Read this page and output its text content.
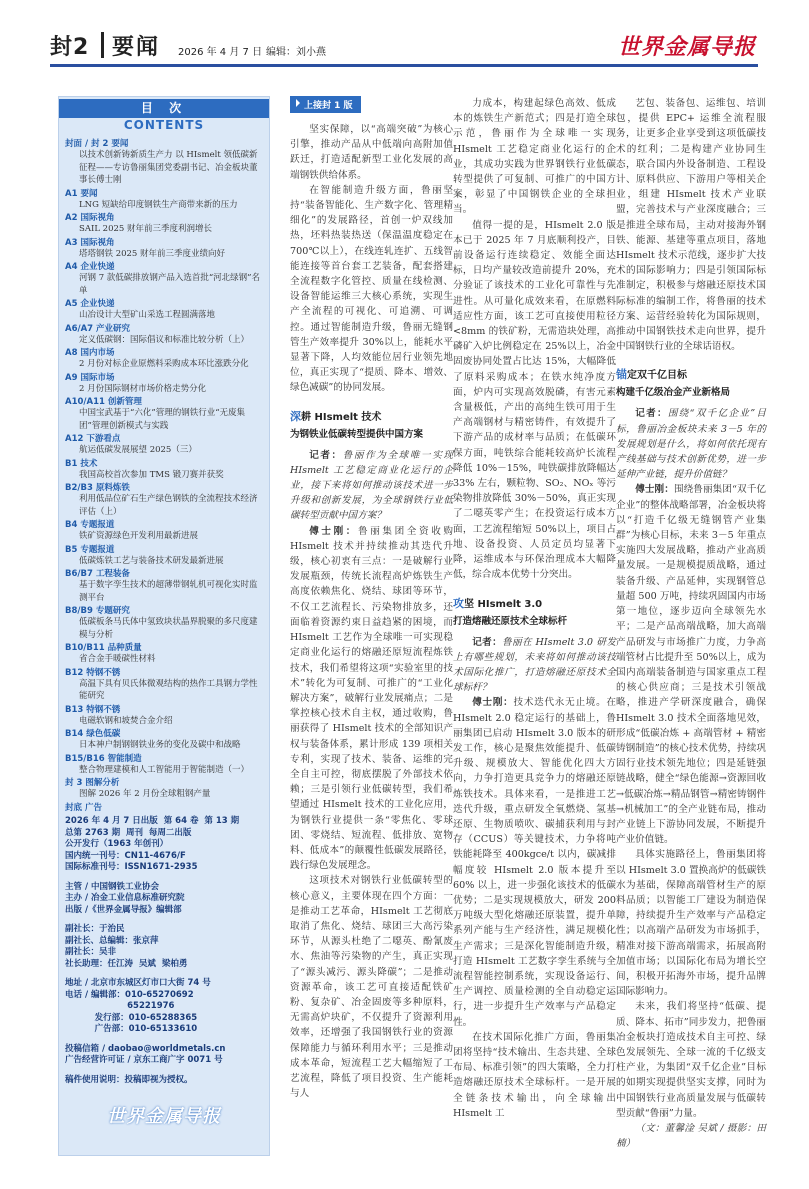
封2 要闻 2026 年 4 月 7 日 编辑：刘小燕	世界金属导报
目 次
CONTENTS
封面 / 封 2 要闻
以技术创新铸新质生产力 以 HIsmelt 领低碳新征程——专访鲁丽集团党委副书记、冶金板块董事长傅士刚
A1 要闻
LNG 短缺给印度钢铁生产商带来新的压力
A2 国际视角
SAIL 2025 财年前三季度利润增长
A3 国际视角
塔塔钢铁 2025 财年前三季度业绩向好
A4 企业快递
河钢 7 款低碳排放钢产品入选首批“河北绿钢”名单
A5 企业快递
山冶设计大型矿山采选工程圆满落地
A6/A7 产业研究
定义低碳钢：国际倡议和标准比较分析（上）
A8 国内市场
2 月份对标企业原燃料采购成本环比涨跌分化
A9 国际市场
2 月份国际钢材市场价格走势分化
A10/A11 创新管理
中国宝武基于“六化”管理的钢铁行业“无废集团”管理创新模式与实践
A12 下游看点
航运低碳发展展望 2025（三）
B1 技术
我国高校首次参加 TMS 锻刀赛并获奖
B2/B3 原料炼铁
利用低品位矿石生产绿色钢铁的全流程技术经济评估（上）
B4 专题报道
铁矿资源绿色开发利用最新进展
B5 专题报道
低碳炼铁工艺与装备技术研发最新进展
B6/B7 工程装备
基于数字孪生技术的超薄带钢轧机可视化实时监测平台
B8/B9 专题研究
低碳板条马氏体中氢致块状晶界脱聚的多尺度建模与分析
B10/B11 品种质量
省合金手暖碳性材料
B12 特钢不锈
高温下具有贝氏体微观结构的热作工具钢力学性能研究
B13 特钢不锈
电磁软钢和坡焚合金介绍
B14 绿色低碳
日本神户制钢钢铁业务的变化及碳中和战略
B15/B16 智能制造
整合物理建模和人工智能用于智能制造（一）
封 3 图解分析
图解 2026 年 2 月份全球粗钢产量
封底 广告
2026 年 4 月 7 日出版  第 64 卷  第 13 期
总第 2763 期  周刊  每周二出版
公开发行（1963 年创刊）
国内统一刊号：CN11-4676/F
国际标准刊号：ISSN1671-2935
主管 / 中国钢铁工业协会
主办 / 冶金工业信息标准研究院
出版 /《世界金属导报》编辑部
副社长：于治民
副社长、总编辑：张京萍
副社长：吴非
社长助理：任江涛  吴斌  梁柏勇
地址 / 北京市东城区灯市口大街 74 号
电话 / 编辑部：010-65270692
65221976
发行部：010-65288365
广告部：010-65133610
投稿信箱 / daobao@worldmetals.cn
广告经营许可证 / 京东工商广字 0071 号
稿件使用说明：投稿即视为授权。
世界金属导报
上接封 1 版
坚实保障，以“高端突破”为核心引擎，推动产品从中低端向高附加值跃迁，打造适配新型工业化发展的高端钢铁供给体系。
在智能制造升级方面，鲁丽坚持“装备智能化、生产数字化、管理精细化”的发展路径，首创一炉双线加热，坯料热装热送（保温温度稳定在 700℃以上），在线连轧连扩、五线智能连接等首台套工艺装备，配套搭建全流程数字化管控、质量在线检测、设备智能运维三大核心系统，实现生产全流程的可视化、可追溯、可调控。通过智能制造升级，鲁丽无缝钢管生产效率提升 30%以上，能耗水平显著下降，人均效能位居行业领先地位，真正实现了“提质、降本、增效、绿色减碳”的协同发展。
深耕 HIsmelt 技术
为钢铁业低碳转型提供中国方案
记者：鲁丽作为全球唯一实现 HIsmelt 工艺稳定商业化运行的企业，接下来将如何推动该技术进一步升级和创新发展，为全球钢铁行业低碳转型贡献中国方案？
傅士刚：鲁丽集团全资收购 HIsmelt 技术并持续推动其迭代升级，核心初衷有三点：一是破解行业发展瓶颈，传统长流程高炉炼铁生产高度依赖焦化、烧结、球团等环节，不仅工艺流程长、污染物排放多，还面临着资源约束日益趋紧的困境，而 HIsmelt 工艺作为全球唯一可实现稳定商业化运行的熔融还原短流程炼铁技术，我们希望将这项“实验室里的技术”转化为可复制、可推广的“工业化解决方案”，破解行业发展痛点；二是掌控核心技术自主权，通过收购，鲁丽获得了 HIsmelt 技术的全部知识产权与装备体系，累计形成 139 项相关专利，实现了技术、装备、运维的完全自主可控，彻底摆脱了外部技术依赖；三是引领行业低碳转型，我们希望通过 HIsmelt 技术的工业化应用，为钢铁行业提供一条“零焦化、零球团、零烧结、短流程、低排放、宽物料、低成本”的颠覆性低碳发展路径，践行绿色发展理念。
这项技术对钢铁行业低碳转型的核心意义，主要体现在四个方面：一是推动工艺革命，HIsmelt 工艺彻底取消了焦化、烧结、球团三大高污染环节，从源头杜绝了二噁英、酚氰废水、焦油等污染物的产生，真正实现了“源头减污、源头降碳”；二是推动资源革命，该工艺可直接适配铁矿粉、复杂矿、冶金固废等多种原料，无需高炉块矿，不仅提升了资源利用效率，还增强了我国钢铁行业的资源保障能力与循环利用水平；三是推动成本革命，短流程工艺大幅缩短了工艺流程，降低了项目投资、生产能耗与人
力成本，构建起绿色高效、低成本的炼铁生产新范式；四是打造全球示范，鲁丽作为全球唯一实现 HIsmelt 工艺稳定商业化运行的企业，其成功实践为世界钢铁行业低碳转型提供了可复制、可推广的中国方案，彰显了中国钢铁企业的全球担当。
值得一提的是，HIsmelt 2.0 版本已于 2025 年 7 月底顺利投产，目前设备运行连续稳定、效能全面达标，日均产量较改造前提升 20%，充分验证了该技术的工业化可靠性与先进性。从可量化成效来看，在原燃料适应性方面，该工艺可直接使用粒径 <8mm 的铁矿粉，无需造块处理，高磷矿入炉比例稳定在 25%以上，冶金固废协同处置占比达 15%，大幅降低了原料采购成本；在铁水纯净度方面，炉内可实现高效脱磷，有害元素含量极低，产出的高纯生铁可用于生产高端钢材与精密铸件，有效提升了下游产品的成材率与品质；在低碳环保方面，吨铁综合能耗较高炉长流程降低 10%－15%，吨铁碳排放降幅达 33% 左右，颗粒物、SO₂、NOₓ 等污染物排放降低 30%－50%，真正实现了二噁英零产生；在投资运行成本方面，工艺流程缩短 50%以上，项目占地、设备投资、人员定员均显著下降，运维成本与环保治理成本大幅降低，综合成本优势十分突出。
攻坚 HIsmelt 3.0
打造熔融还原技术全球标杆
记者：鲁丽在 HIsmelt 3.0 研发上有哪些规划，未来将如何推动该技术国际化推广，打造熔融还原技术全球标杆？
傅士刚：技术迭代永无止境。在 HIsmelt 2.0 稳定运行的基础上，鲁丽集团已启动 HIsmelt 3.0 版本的研发工作，核心是聚焦效能提升、低碳升级、规模放大、智能优化四大方向，力争打造更具竞争力的熔融还原炼铁技术。具体来看，一是推进工艺迭代升级，重点研发全氧燃烧、氢基还原、生物质喷吹、碳捕获利用与封存（CCUS）等关键技术，力争将吨铁能耗降至 400kgce/t 以内，碳减排幅度较 HIsmelt 2.0 版本提升至 60% 以上，进一步强化该技术的低碳优势；二是实现规模放大，研发 200 万吨级大型化熔融还原装置，提升单系列产能与生产经济性，满足规模化生产需求；三是深化智能制造升级，打造 HIsmelt 工艺数字孪生系统与全流程智能控制系统，实现设备运行、生产调控、质量检测的全自动稳定运行，进一步提升生产效率与产品稳定性。
在技术国际化推广方面，鲁丽集团将坚持“技术输出、生态共建、全球布局、标准引领”的四大策略，全力打造熔融还原技术全球标杆。一是开展全链条技术输出，向全球输出 HIsmelt 工
艺包、装备包、运维包、培训包，提供 EPC+ 运维全流程服务，让更多企业享受到这项低碳技术的红利；二是构建产业协同生态，联合国内外设备制造、工程设计、原料供应、下游用户等相关企业，组建 HIsmelt 技术产业联盟，完善技术与产业深度融合；三是推进全球布局，主动对接海外钢铁、能源、基建等重点项目，落地 HIsmelt 技术示范线，逐步扩大技术的国际影响力；四是引领国际标准制定，积极参与熔融还原技术国际标准的编制工作，将鲁丽的技术方案、运营经验转化为国际规则，推动中国钢铁技术走向世界，提升中国钢铁行业的全球话语权。
锚定双千亿目标
构建千亿级冶金产业新格局
记者：围绕“双千亿企业”目标，鲁丽冶金板块未来 3－5 年的发展规划是什么，将如何依托现有产线基础与技术创新优势，进一步延伸产业链，提升价值链？
傅士刚：围绕鲁丽集团“双千亿企业”的整体战略部署，冶金板块将以“打造千亿级无缝钢管产业集群”为核心目标，未来 3－5 年重点实施四大发展战略，推动产业高质量发展。一是规模提质战略，通过装备升级、产品延伸，实现钢管总量超 500 万吨，持续巩固国内市场第一地位，逐步迈向全球领先水平；二是产品高端战略，加大高端产品研发与市场推广力度，力争高端管材占比提升至 50%以上，成为国内高端装备制造与国家重点工程的核心供应商；三是技术引领战略，推进产学研深度融合，确保 HIsmelt 3.0 技术全面落地见效，形成“低碳冶炼 + 高端管材 + 精密铸钢制造”的核心技术优势，持续巩固行业技术领先地位；四是延链强链战略，健全“绿色能源→资源回收→低碳冶炼→精品钢管→精密铸钢件→机械加工”的全产业链布局，推动产业链上下游协同发展，不断提升产业价值链。
具体实施路径上，鲁丽集团将以 HIsmelt 3.0 置换高炉的低碳铁水为基础，保障高端管材生产的原料品质；以智能工厂建设为制造保障，持续提升生产效率与产品稳定性；以高端产品研发为市场抓手，精准对接下游高端需求，拓展高附加值市场；以国际化布局为增长空间，积极开拓海外市场，提升品牌国际影响力。
未来，我们将坚持“低碳、提质、降本、拓市”同步发力，把鲁丽冶金板块打造成技术自主可控、绿色发展领先、全球一流的千亿级支柱产业，为集团“双千亿企业”目标的如期实现提供坚实支撑，同时为中国钢铁行业高质量发展与低碳转型贡献“鲁丽”力量。
（文：董馨淦 吴斌 / 摄影：田楠）
